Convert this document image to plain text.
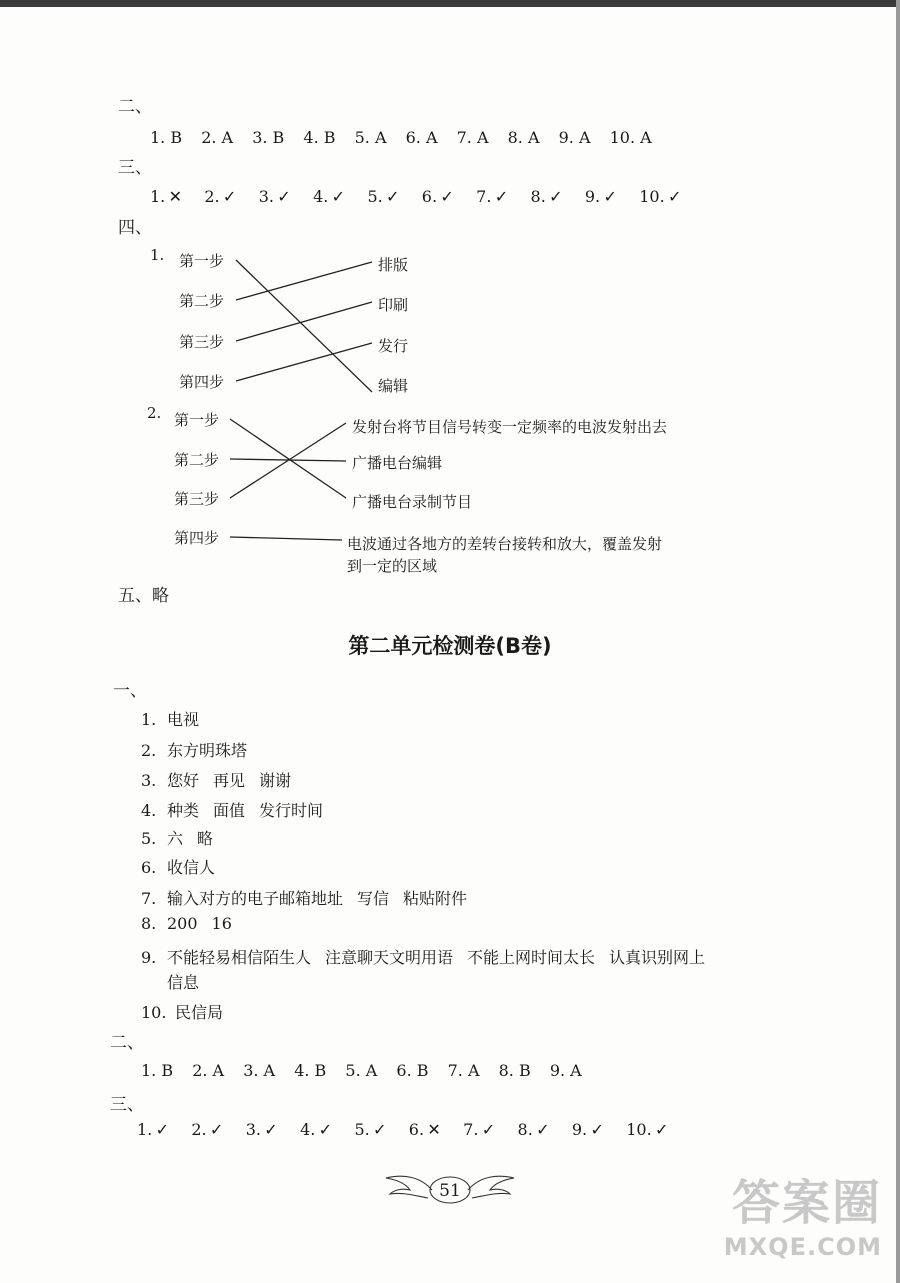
二、
1. B 2. A 3. B 4. B 5. A 6. A 7. A 8. A 9. A 10. A
三、
1. ✕ 2. ✓ 3. ✓ 4. ✓ 5. ✓ 6. ✓ 7. ✓ 8. ✓ 9. ✓ 10. ✓
四、
1. 第一步
第二步
第三步
第四步
排版
印刷
发行
编辑
2. 第一步
第二步
第三步
第四步
发射台将节目信号转变一定频率的电波发射出去
广播电台编辑
广播电台录制节目
电波通过各地方的差转台接转和放大，覆盖发射
到一定的区域
五、略
第二单元检测卷(B卷)
一、
1. 电视
2. 东方明珠塔
3. 您好 再见 谢谢
4. 种类 面值 发行时间
5. 六 略
6. 收信人
7. 输入对方的电子邮箱地址 写信 粘贴附件
8. 200 16
9. 不能轻易相信陌生人 注意聊天文明用语 不能上网时间太长 认真识别网上
信息
10. 民信局
二、
1. B 2. A 3. A 4. B 5. A 6. B 7. A 8. B 9. A
三、
1. ✓ 2. ✓ 3. ✓ 4. ✓ 5. ✓ 6. ✕ 7. ✓ 8. ✓ 9. ✓ 10. ✓
51	答案圈
MXQE.COM
